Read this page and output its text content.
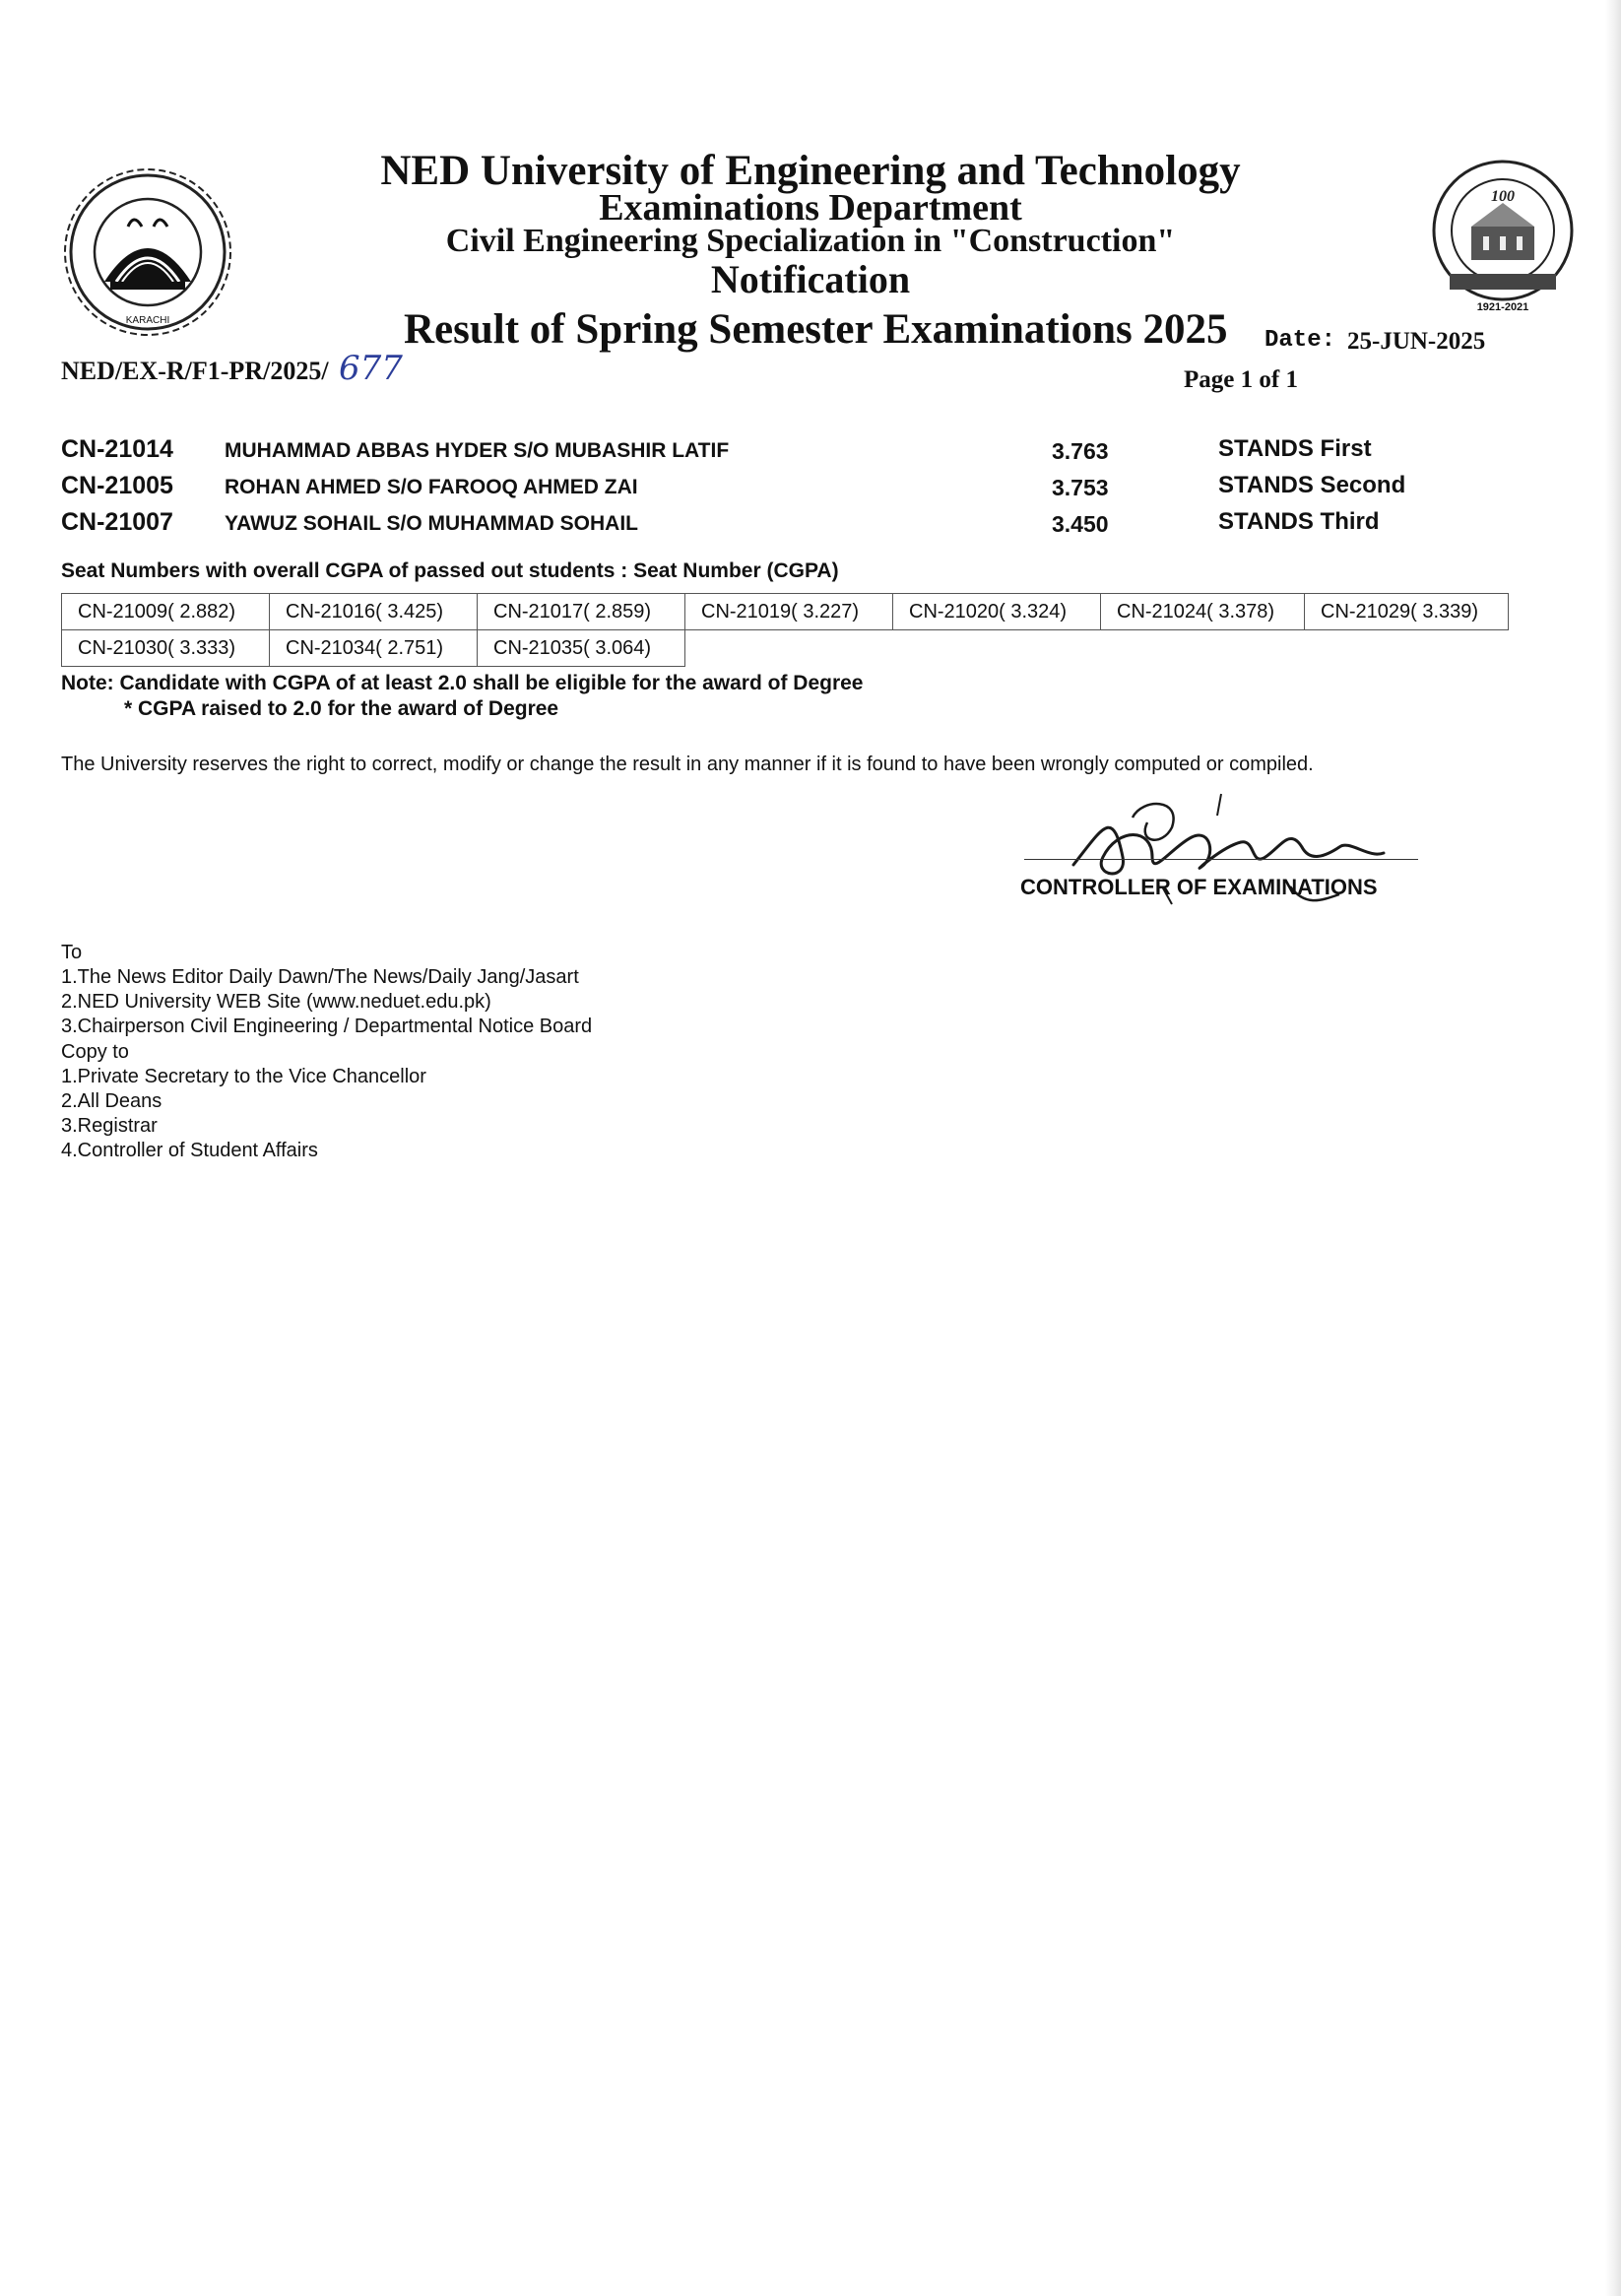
KARACHI
100
1921-2021
NED University of Engineering and Technology
Examinations Department
Civil Engineering Specialization in "Construction"
Notification
Result of Spring Semester Examinations 2025
NED/EX-R/F1-PR/2025/ 677
Date: 25-JUN-2025
Page 1 of 1
CN-21014 MUHAMMAD ABBAS HYDER S/O MUBASHIR LATIF	3.763	STANDS First
CN-21005 ROHAN AHMED S/O FAROOQ AHMED ZAI	3.753	STANDS Second
CN-21007 YAWUZ SOHAIL S/O MUHAMMAD SOHAIL	3.450	STANDS Third
Seat Numbers with overall CGPA of passed out students : Seat Number (CGPA)
CN-21009( 2.882)	CN-21016( 3.425)	CN-21017( 2.859)	CN-21019( 3.227)	CN-21020( 3.324)	CN-21024( 3.378)	CN-21029( 3.339)
CN-21030( 3.333)	CN-21034( 2.751)	CN-21035( 3.064)
Note: Candidate with CGPA of at least 2.0 shall be eligible for the award of Degree
* CGPA raised to 2.0 for the award of Degree
The University reserves the right to correct, modify or change the result in any manner if it is found to have been wrongly computed or compiled.
CONTROLLER OF EXAMINATIONS
To
1.The News Editor Daily Dawn/The News/Daily Jang/Jasart
2.NED University WEB Site (www.neduet.edu.pk)
3.Chairperson Civil Engineering / Departmental Notice Board
Copy to
1.Private Secretary to the Vice Chancellor
2.All Deans
3.Registrar
4.Controller of Student Affairs
